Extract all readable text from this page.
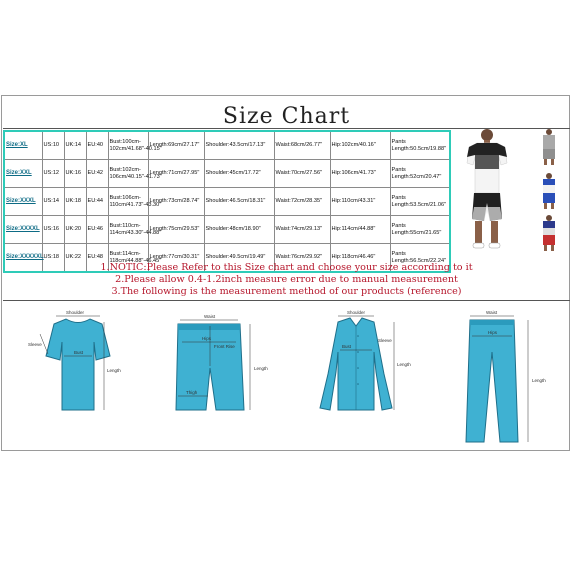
Size Chart
Size:XL	US:10	UK:14	EU:40	Bust:100cm-102cm/41.68"-40.15"	Length:69cm/27.17"	Shoulder:43.5cm/17.13"	Waist:68cm/26.77"	Hip:102cm/40.16"	Pants Length:50.5cm/19.88"
Size:XXL	US:12	UK:16	EU:42	Bust:102cm-106cm/40.15"-41.73"	Length:71cm/27.95"	Shoulder:45cm/17.72"	Waist:70cm/27.56"	Hip:106cm/41.73"	Pants Length:52cm/20.47"
Size:XXXL	US:14	UK:18	EU:44	Bust:106cm-110cm/41.73"-43.30"	Length:73cm/28.74"	Shoulder:46.5cm/18.31"	Waist:72cm/28.35"	Hip:110cm/43.31"	Pants Length:53.5cm/21.06"
Size:XXXXL	US:16	UK:20	EU:46	Bust:110cm-114cm/43.30"-44.88"	Length:75cm/29.53"	Shoulder:48cm/18.90"	Waist:74cm/29.13"	Hip:114cm/44.88"	Pants Length:55cm/21.65"
Size:XXXXXL	US:18	UK:22	EU:48	Bust:114cm-118cm/44.88"-46.45"	Length:77cm/30.31"	Shoulder:49.5cm/19.49"	Waist:76cm/29.92"	Hip:118cm/46.46"	Pants Length:56.5cm/22.24"
1.NOTIC:Please Refer to this Size chart and choose your size according to it
2.Please allow 0.4-1.2inch measure error due to manual measurement
3.The following is the measurement method of our products (reference)
Shoulder
Sleeve
Bust
Length
Waist
Hips
Front Rise
Thigh
Length
Shoulder
Bust
Sleeve
Length
Waist
Hips
Length
